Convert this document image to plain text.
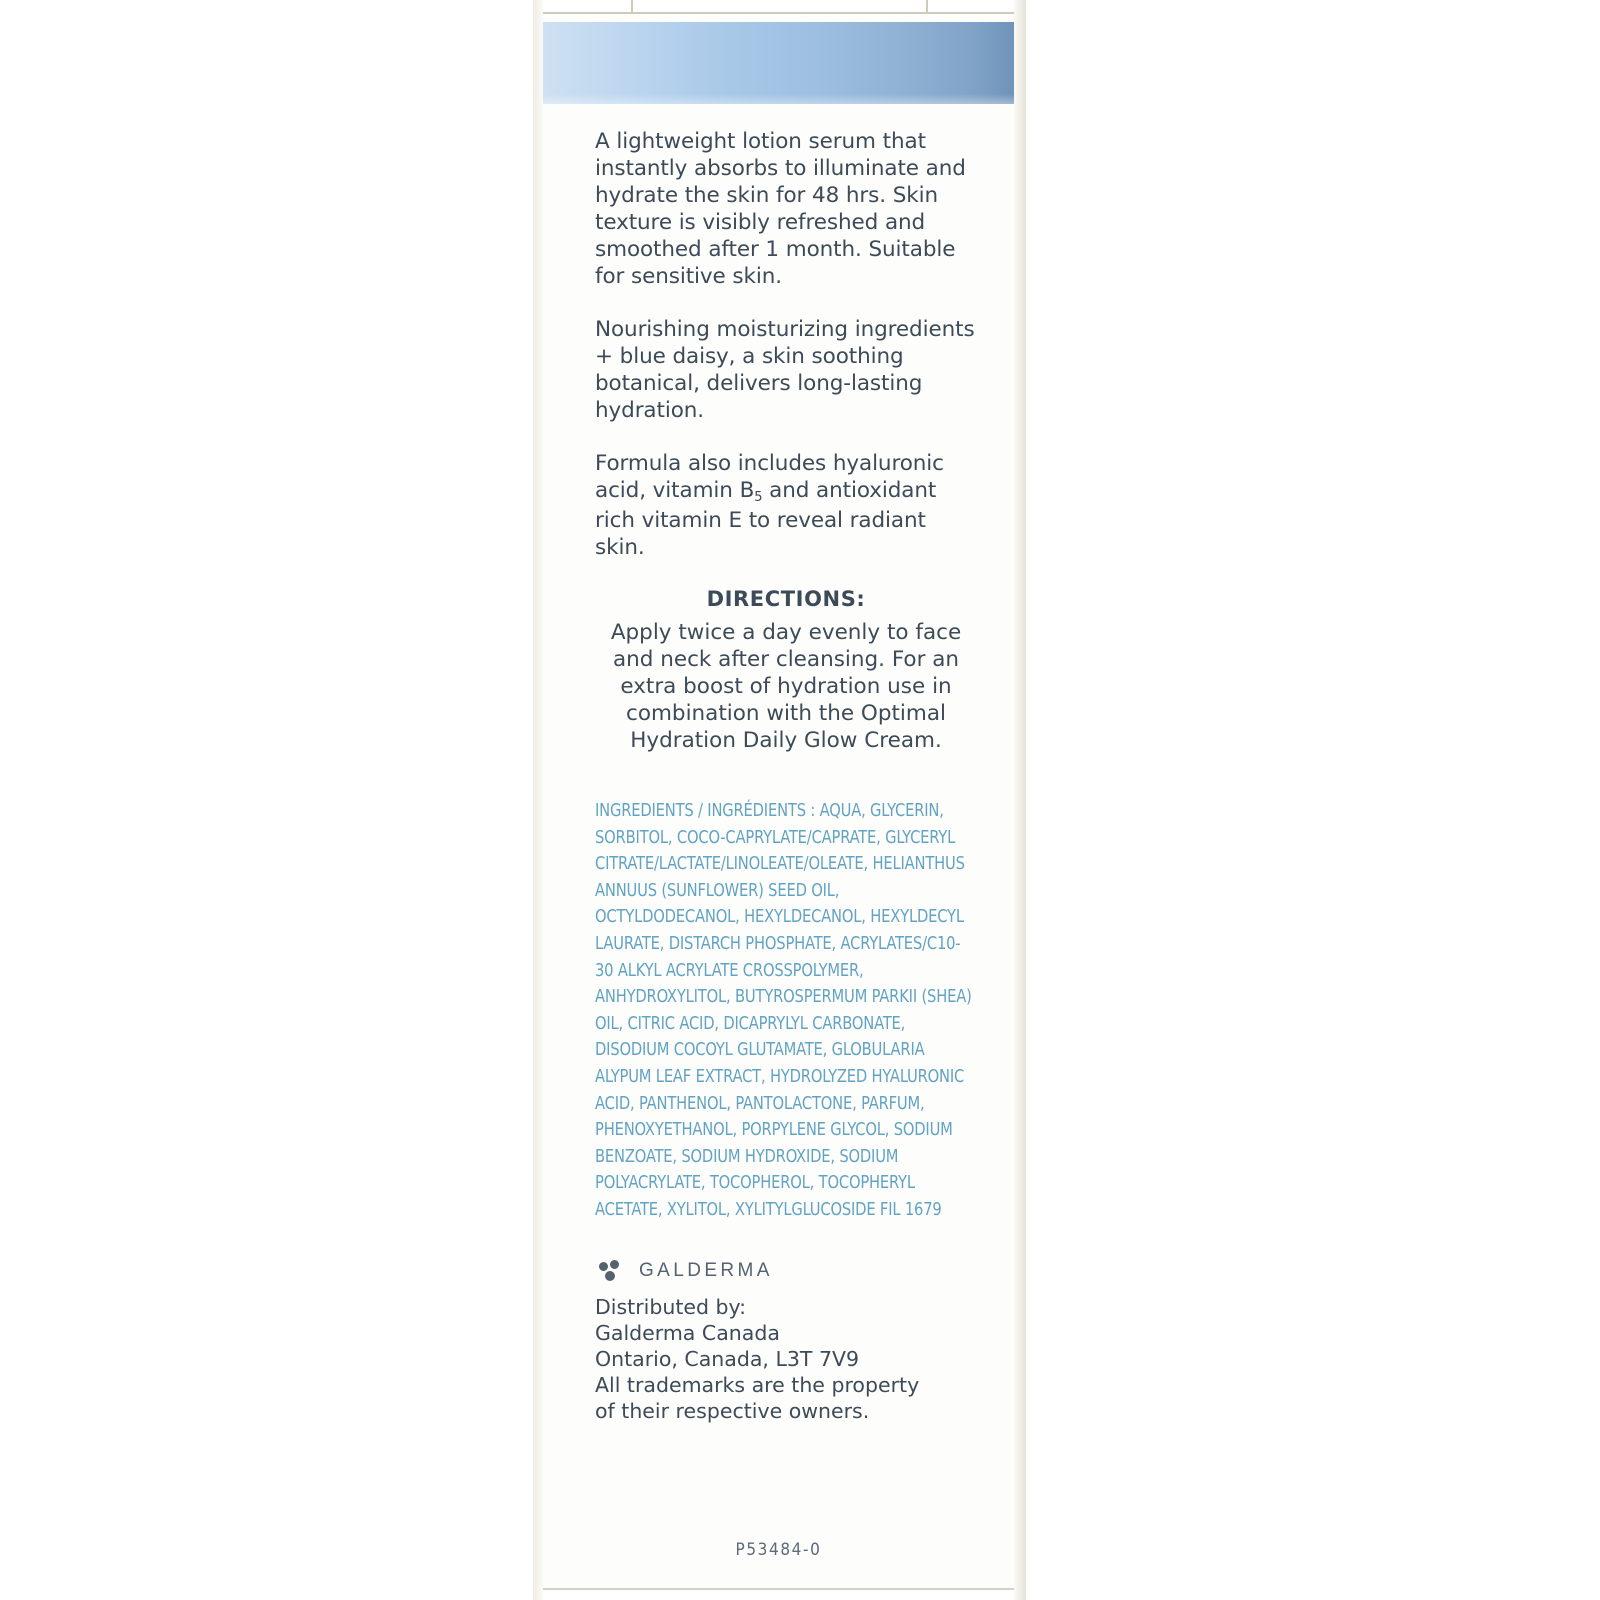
A lightweight lotion serum that instantly absorbs to illuminate and hydrate the skin for 48 hrs. Skin texture is visibly refreshed and smoothed after 1 month. Suitable for sensitive skin.

Nourishing moisturizing ingredients + blue daisy, a skin soothing botanical, delivers long-lasting hydration.

Formula also includes hyaluronic acid, vitamin $B_5$ and antioxidant rich vitamin E to reveal radiant skin.

DIRECTIONS:

Apply twice a day evenly to face and neck after cleansing. For an extra boost of hydration use in combination with the Optimal Hydration Daily Glow Cream.

INGREDIENTS / INGRÉDIENTS : AQUA, GLYCERIN, SORBITOL, COCO-CAPRYLATE/CAPRATE, GLYCERYL CITRATE/LACTATE/LINOLEATE/OLEATE, HELIANTHUS ANNUUS (SUNFLOWER) SEED OIL, OCTYLDODECANOL, HEXYLDECANOL, HEXYLDECYL LAURATE, DISTARCH PHOSPHATE, ACRYLATES/C10-30 ALKYL ACRYLATE CROSSPOLYMER, ANHYDROXYLITOL, BUTYROSPERMUM PARKII (SHEA) OIL, CITRIC ACID, DICAPRYLYL CARBONATE, DISODIUM COCOYL GLUTAMATE, GLOBULARIA ALYPUM LEAF EXTRACT, HYDROLYZED HYALURONIC ACID, PANTHENOL, PANTOLACTONE, PARFUM, PHENOXYETHANOL, PORPYLENE GLYCOL, SODIUM BENZOATE, SODIUM HYDROXIDE, SODIUM POLYACRYLATE, TOCOPHEROL, TOCOPHERYL ACETATE, XYLITOL, XYLITYLGLUCOSIDE FIL 1679
GALDERMA
Distributed by:
Galderma Canada
Ontario, Canada, L3T 7V9
All trademarks are the property
of their respective owners.
P53484-0
